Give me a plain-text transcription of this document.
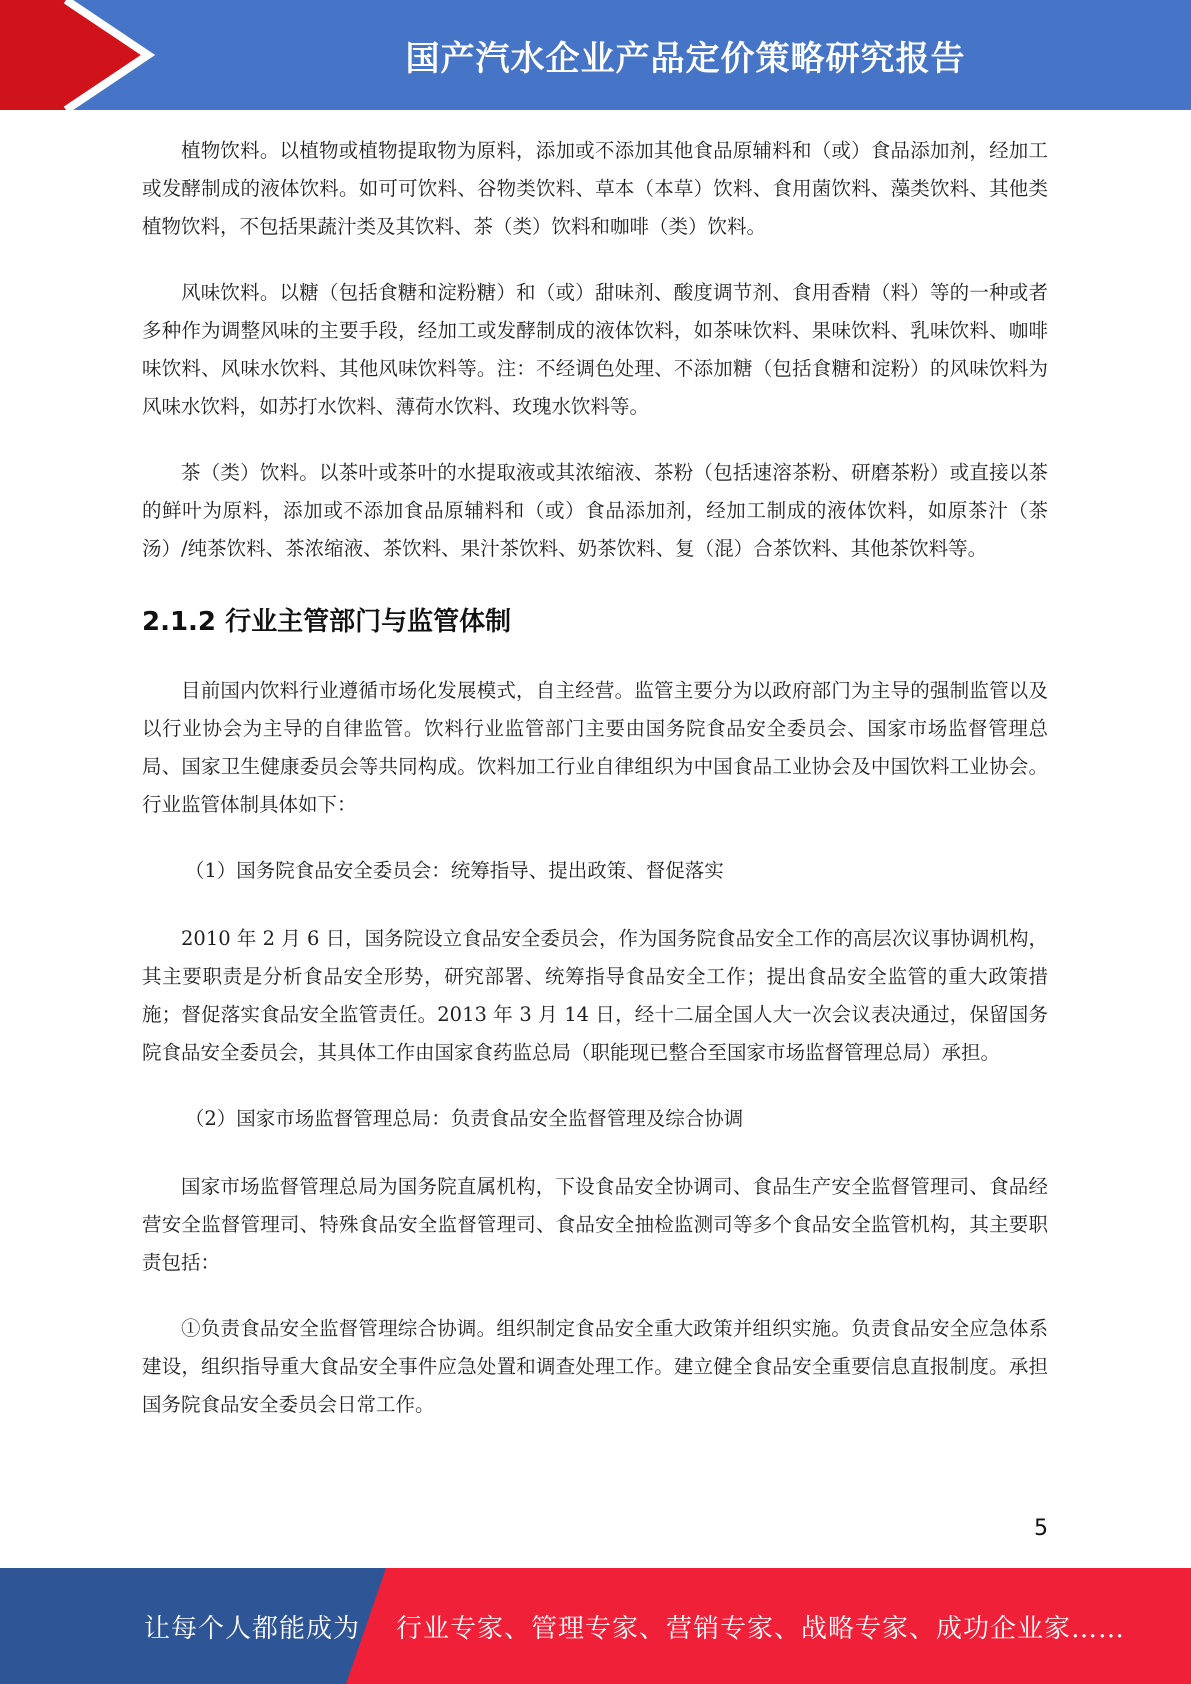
国产汽水企业产品定价策略研究报告

植物饮料。以植物或植物提取物为原料，添加或不添加其他食品原辅料和（或）食品添加剂，经加工或发酵制成的液体饮料。如可可饮料、谷物类饮料、草本（本草）饮料、食用菌饮料、藻类饮料、其他类植物饮料，不包括果蔬汁类及其饮料、茶（类）饮料和咖啡（类）饮料。

风味饮料。以糖（包括食糖和淀粉糖）和（或）甜味剂、酸度调节剂、食用香精（料）等的一种或者多种作为调整风味的主要手段，经加工或发酵制成的液体饮料，如茶味饮料、果味饮料、乳味饮料、咖啡味饮料、风味水饮料、其他风味饮料等。注：不经调色处理、不添加糖（包括食糖和淀粉）的风味饮料为风味水饮料，如苏打水饮料、薄荷水饮料、玫瑰水饮料等。

茶（类）饮料。以茶叶或茶叶的水提取液或其浓缩液、茶粉（包括速溶茶粉、研磨茶粉）或直接以茶的鲜叶为原料，添加或不添加食品原辅料和（或）食品添加剂，经加工制成的液体饮料，如原茶汁（茶汤）/纯茶饮料、茶浓缩液、茶饮料、果汁茶饮料、奶茶饮料、复（混）合茶饮料、其他茶饮料等。

2.1.2 行业主管部门与监管体制

目前国内饮料行业遵循市场化发展模式，自主经营。监管主要分为以政府部门为主导的强制监管以及以行业协会为主导的自律监管。饮料行业监管部门主要由国务院食品安全委员会、国家市场监督管理总局、国家卫生健康委员会等共同构成。饮料加工行业自律组织为中国食品工业协会及中国饮料工业协会。行业监管体制具体如下：

（1）国务院食品安全委员会：统筹指导、提出政策、督促落实

2010 年 2 月 6 日，国务院设立食品安全委员会，作为国务院食品安全工作的高层次议事协调机构，其主要职责是分析食品安全形势，研究部署、统筹指导食品安全工作；提出食品安全监管的重大政策措施；督促落实食品安全监管责任。2013 年 3 月 14 日，经十二届全国人大一次会议表决通过，保留国务院食品安全委员会，其具体工作由国家食药监总局（职能现已整合至国家市场监督管理总局）承担。

（2）国家市场监督管理总局：负责食品安全监督管理及综合协调

国家市场监督管理总局为国务院直属机构，下设食品安全协调司、食品生产安全监督管理司、食品经营安全监督管理司、特殊食品安全监督管理司、食品安全抽检监测司等多个食品安全监管机构，其主要职责包括：

①负责食品安全监督管理综合协调。组织制定食品安全重大政策并组织实施。负责食品安全应急体系建设，组织指导重大食品安全事件应急处置和调查处理工作。建立健全食品安全重要信息直报制度。承担国务院食品安全委员会日常工作。

5
让每个人都能成为 行业专家、管理专家、营销专家、战略专家、成功企业家……
